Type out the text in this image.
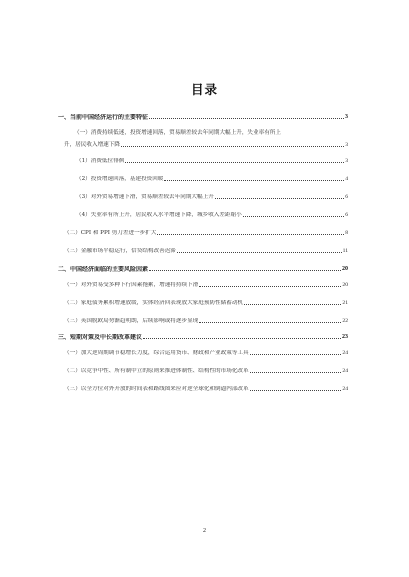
目录
一、当前中国经济运行的主要特征	3
（一）消费持续低迷，投资增速回落，贸易顺差较去年同期大幅上升，失业率有所上
升，居民收入增速下降	3
（1）消费低位徘徊	3
（2）投资增速回落，基建投资回暖	4
（3）对外贸易增速下滑，贸易顺差较去年同期大幅上升	6
（4）失业率有所上升，居民收入水平增速下降，城乡收入差距缩小	6
（二）CPI 和 PPI 剪刀差进一步扩大	8
（三）金融市场平稳运行，信贷结构改善迟滞	11
二、中国经济面临的主要风险因素	20
（一）对外贸易受多种下行因素拖累，增速将持续下滑	20
（二）家庭债务累积增速放缓，实体经济回表现放大家庭预防性储蓄动机	21
（三）英国脱欧局势渐趋明朗，后续影响或将逐步显现	22
三、短期对策及中长期改革建议	23
（一）加大逆周期调节稳增长力度，综合运用货币、财政和产业政策等工具	24
（二）以竞争中性、所有制中立的原则来推进体制性、结构性的市场化改革	24
（三）以全方位对外开放的时间表和路线图来应对逆全球化和倒逼内部改革	24
2
